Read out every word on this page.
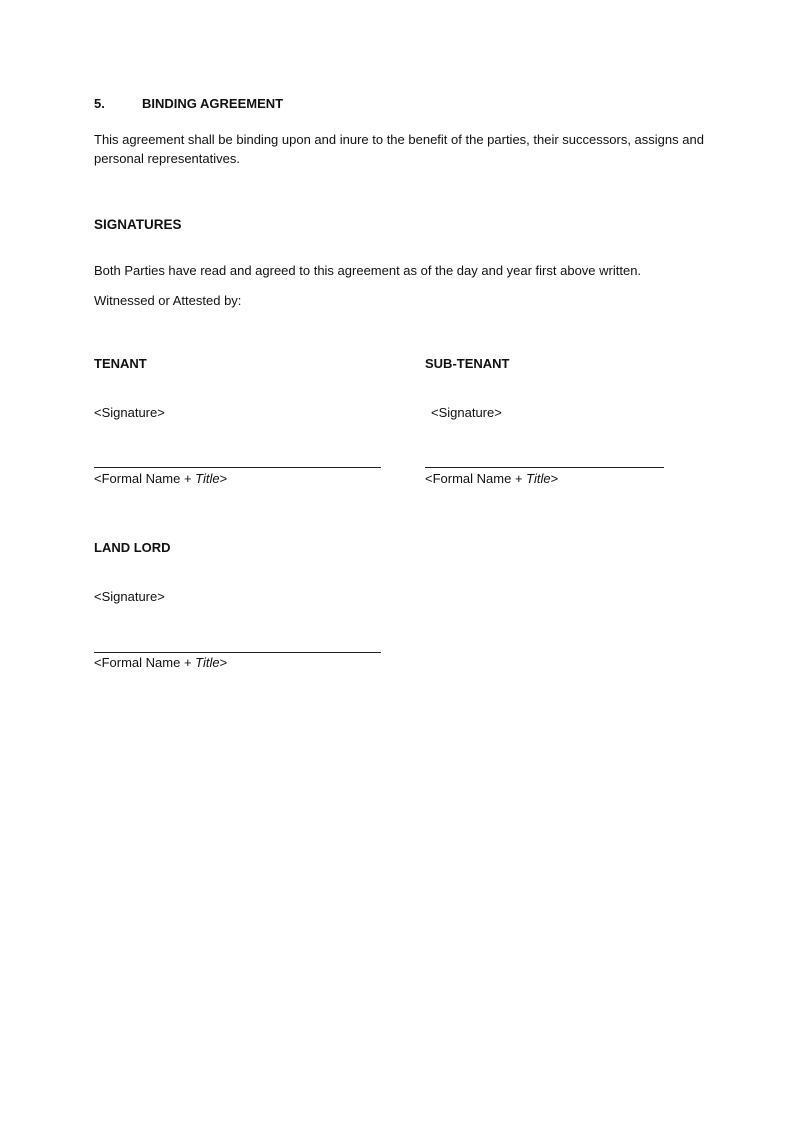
5.	BINDING AGREEMENT

This agreement shall be binding upon and inure to the benefit of the parties, their successors, assigns and personal representatives.

SIGNATURES

Both Parties have read and agreed to this agreement as of the day and year first above written.

Witnessed or Attested by:

TENANT

<Signature>

<Formal Name + Title>

SUB-TENANT

<Signature>

<Formal Name + Title>

LAND LORD

<Signature>

<Formal Name + Title>
